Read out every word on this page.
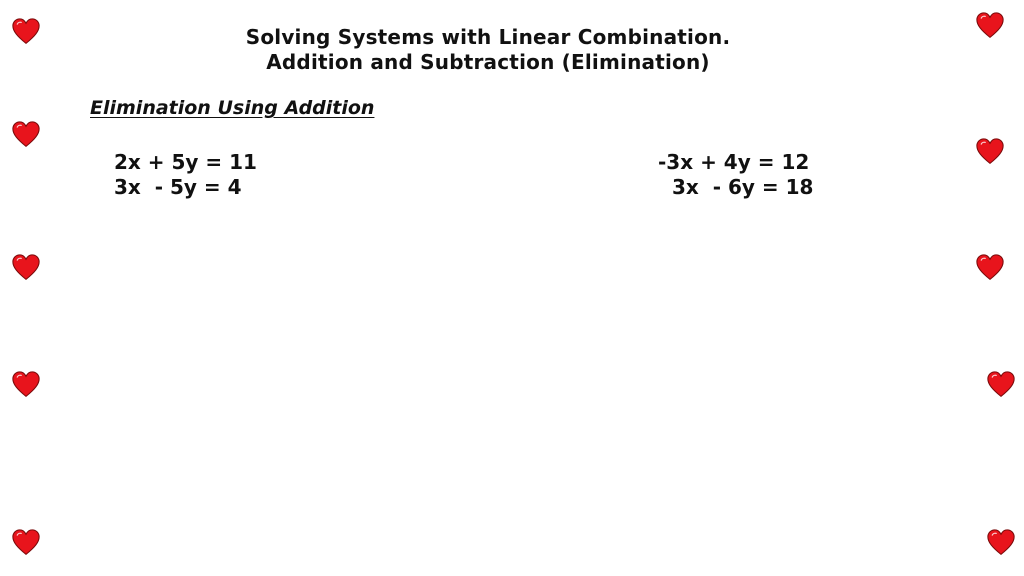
Solving Systems with Linear Combination.
Addition and Subtraction (Elimination)
Elimination Using Addition
2x + 5y = 11
3x  - 5y = 4
-3x + 4y = 12
3x  - 6y = 18
